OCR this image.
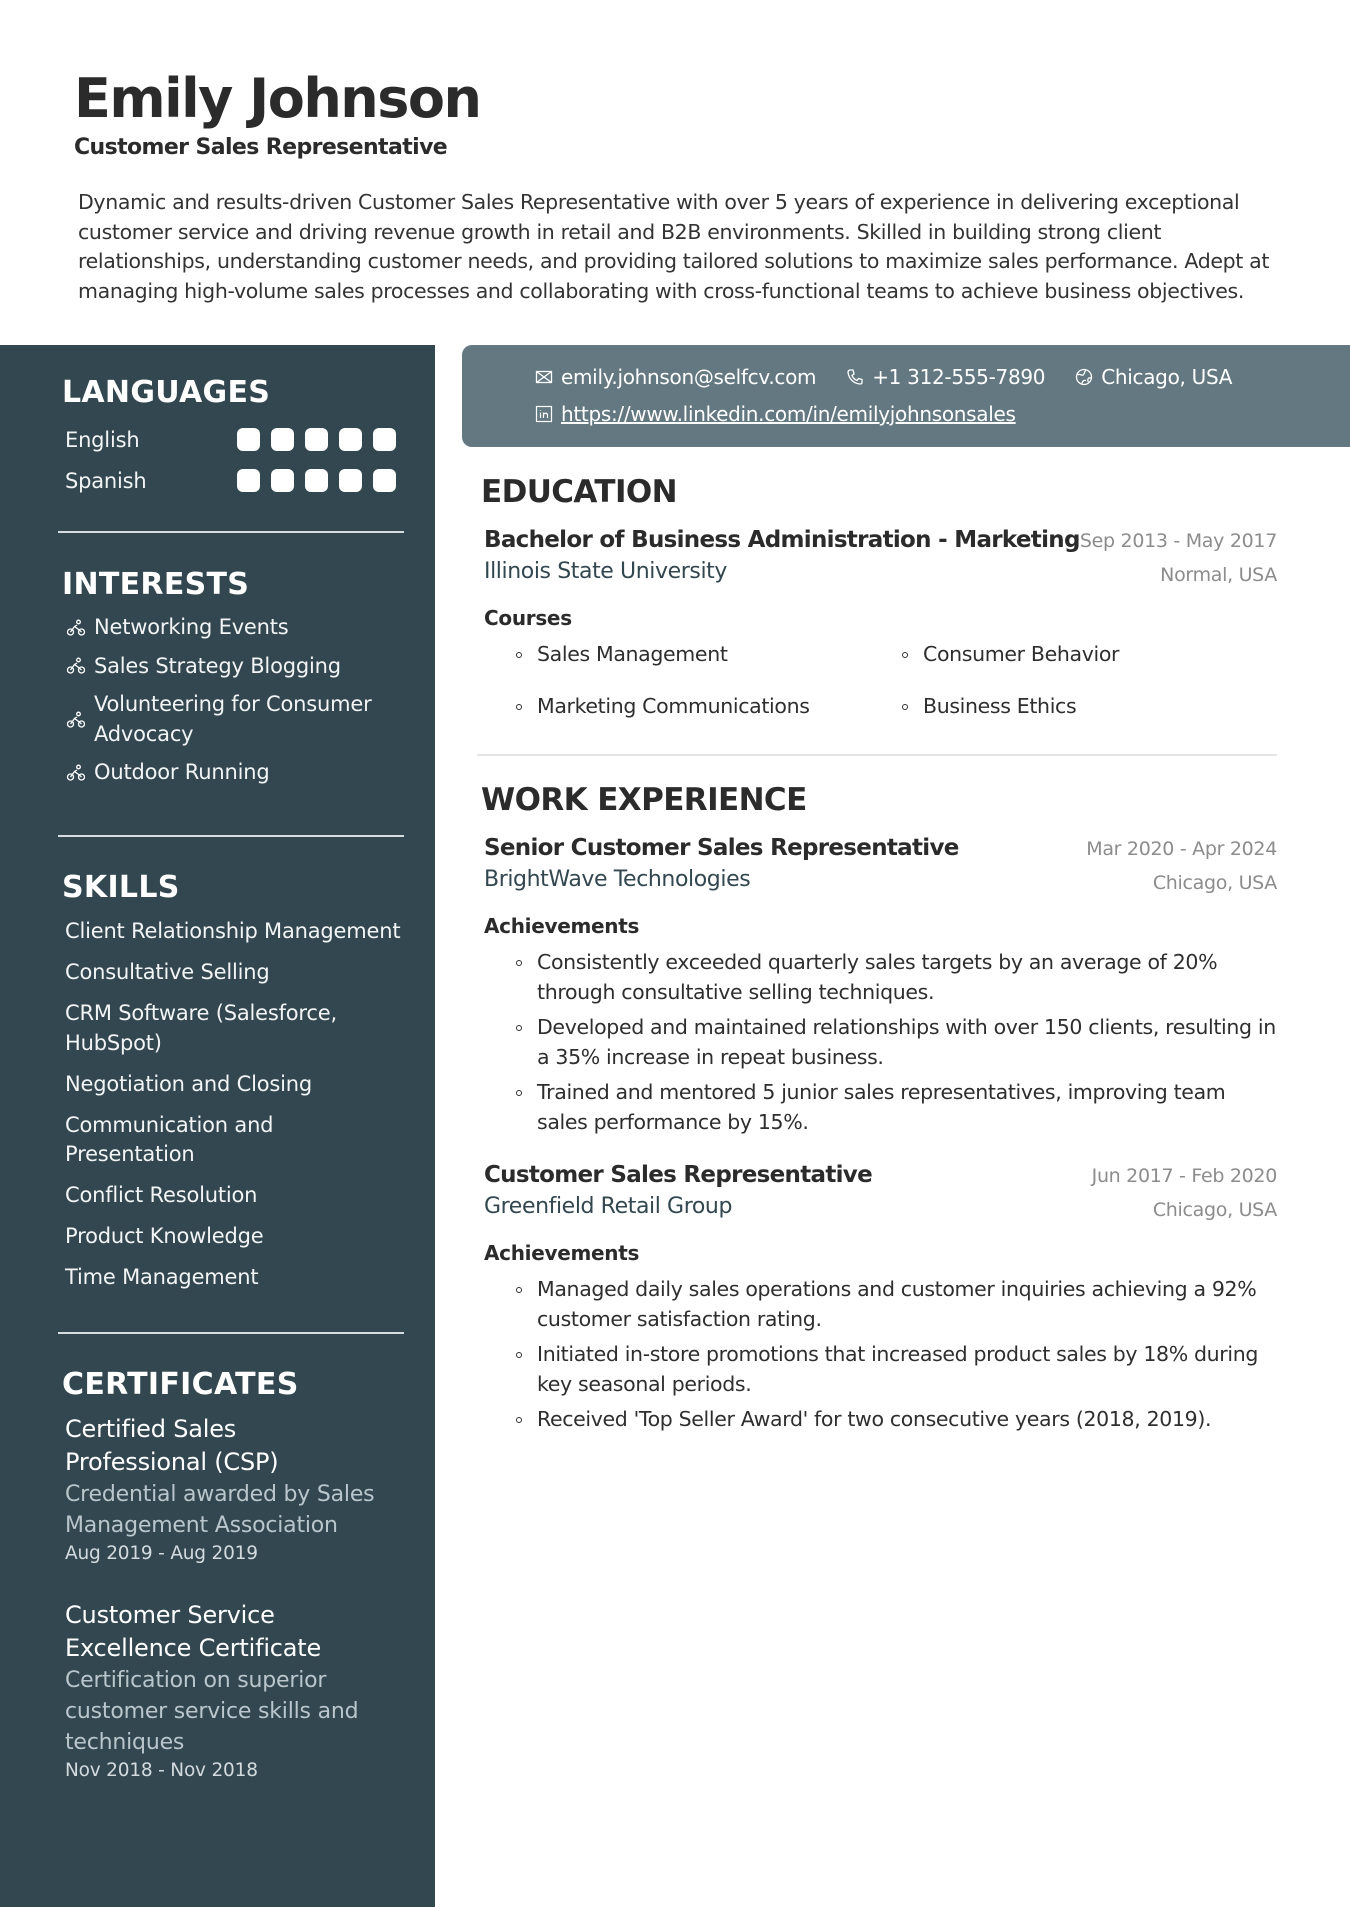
Emily Johnson
Customer Sales Representative

Dynamic and results-driven Customer Sales Representative with over 5 years of experience in delivering exceptional customer service and driving revenue growth in retail and B2B environments. Skilled in building strong client relationships, understanding customer needs, and providing tailored solutions to maximize sales performance. Adept at managing high-volume sales processes and collaborating with cross-functional teams to achieve business objectives.

LANGUAGES
English
Spanish
INTERESTS
Networking Events
Sales Strategy Blogging
Volunteering for Consumer Advocacy
Outdoor Running
SKILLS
Client Relationship Management
Consultative Selling
CRM Software (Salesforce, HubSpot)
Negotiation and Closing
Communication and Presentation
Conflict Resolution
Product Knowledge
Time Management
CERTIFICATES
Certified Sales Professional (CSP)
Credential awarded by Sales Management Association
Aug 2019 - Aug 2019
Customer Service Excellence Certificate
Certification on superior customer service skills and techniques
Nov 2018 - Nov 2018
emily.johnson@selfcv.com	+1 312-555-7890	Chicago, USA
https://www.linkedin.com/in/emilyjohnsonsales
EDUCATION
Bachelor of Business Administration - Marketing Sep 2013 - May 2017
Illinois State University	Normal, USA
Courses
Sales Management	Consumer Behavior
Marketing Communications	Business Ethics
WORK EXPERIENCE
Senior Customer Sales Representative	Mar 2020 - Apr 2024
BrightWave Technologies	Chicago, USA
Achievements
Consistently exceeded quarterly sales targets by an average of 20% through consultative selling techniques.
Developed and maintained relationships with over 150 clients, resulting in a 35% increase in repeat business.
Trained and mentored 5 junior sales representatives, improving team sales performance by 15%.
Customer Sales Representative	Jun 2017 - Feb 2020
Greenfield Retail Group	Chicago, USA
Achievements
Managed daily sales operations and customer inquiries achieving a 92% customer satisfaction rating.
Initiated in-store promotions that increased product sales by 18% during key seasonal periods.
Received 'Top Seller Award' for two consecutive years (2018, 2019).
